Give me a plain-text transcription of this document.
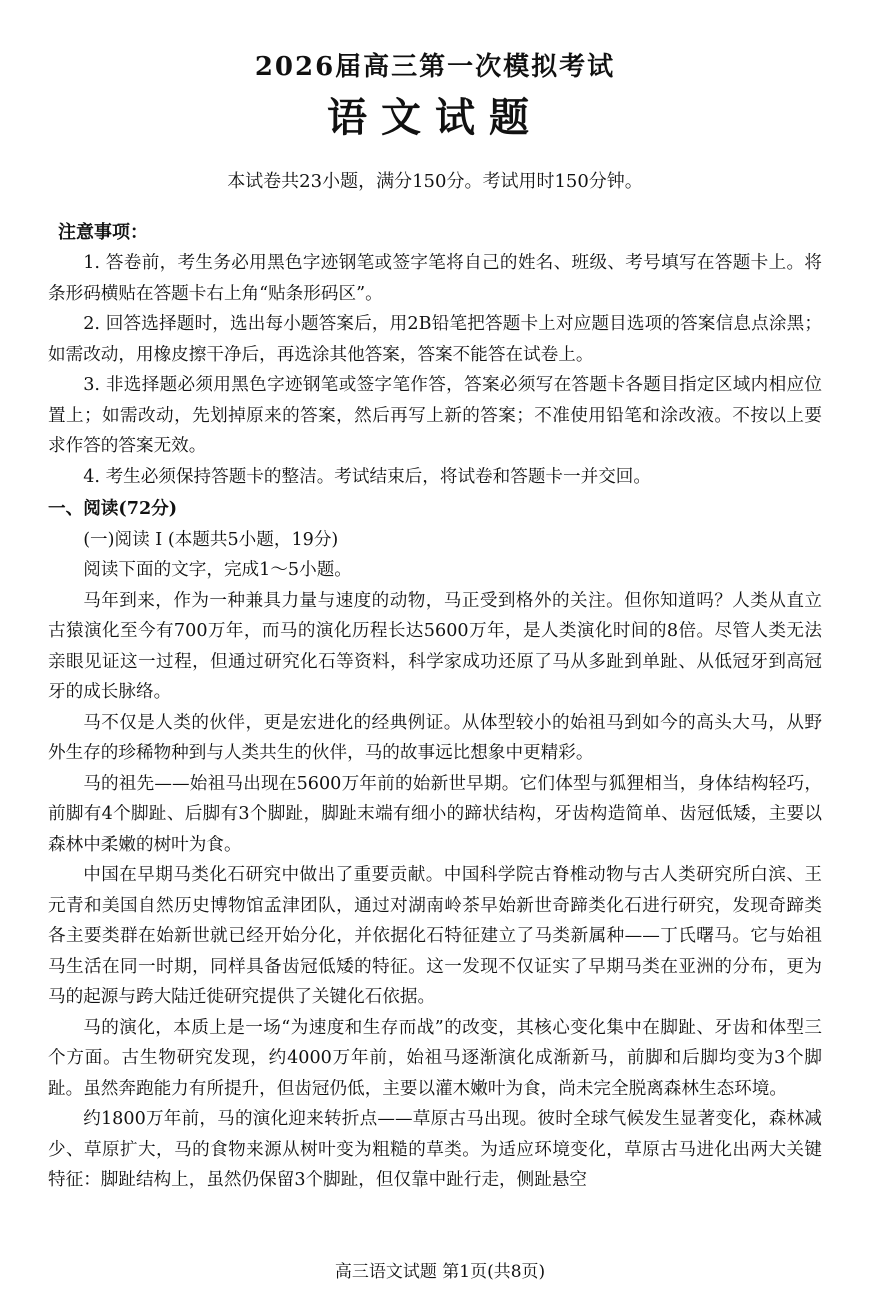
2026届高三第一次模拟考试
语文试题

本试卷共23小题，满分150分。考试用时150分钟。

注意事项：

1. 答卷前，考生务必用黑色字迹钢笔或签字笔将自己的姓名、班级、考号填写在答题卡上。将条形码横贴在答题卡右上角“贴条形码区”。

2. 回答选择题时，选出每小题答案后，用2B铅笔把答题卡上对应题目选项的答案信息点涂黑；如需改动，用橡皮擦干净后，再选涂其他答案，答案不能答在试卷上。

3. 非选择题必须用黑色字迹钢笔或签字笔作答，答案必须写在答题卡各题目指定区域内相应位置上；如需改动，先划掉原来的答案，然后再写上新的答案；不准使用铅笔和涂改液。不按以上要求作答的答案无效。

4. 考生必须保持答题卡的整洁。考试结束后，将试卷和答题卡一并交回。

一、阅读(72分)
(一)阅读 I (本题共5小题，19分)
阅读下面的文字，完成1～5小题。

马年到来，作为一种兼具力量与速度的动物，马正受到格外的关注。但你知道吗？人类从直立古猿演化至今有700万年，而马的演化历程长达5600万年，是人类演化时间的8倍。尽管人类无法亲眼见证这一过程，但通过研究化石等资料，科学家成功还原了马从多趾到单趾、从低冠牙到高冠牙的成长脉络。

马不仅是人类的伙伴，更是宏进化的经典例证。从体型较小的始祖马到如今的高头大马，从野外生存的珍稀物种到与人类共生的伙伴，马的故事远比想象中更精彩。

马的祖先——始祖马出现在5600万年前的始新世早期。它们体型与狐狸相当，身体结构轻巧，前脚有4个脚趾、后脚有3个脚趾，脚趾末端有细小的蹄状结构，牙齿构造简单、齿冠低矮，主要以森林中柔嫩的树叶为食。

中国在早期马类化石研究中做出了重要贡献。中国科学院古脊椎动物与古人类研究所白滨、王元青和美国自然历史博物馆孟津团队，通过对湖南岭茶早始新世奇蹄类化石进行研究，发现奇蹄类各主要类群在始新世就已经开始分化，并依据化石特征建立了马类新属种——丁氏曙马。它与始祖马生活在同一时期，同样具备齿冠低矮的特征。这一发现不仅证实了早期马类在亚洲的分布，更为马的起源与跨大陆迁徙研究提供了关键化石依据。

马的演化，本质上是一场“为速度和生存而战”的改变，其核心变化集中在脚趾、牙齿和体型三个方面。古生物研究发现，约4000万年前，始祖马逐渐演化成渐新马，前脚和后脚均变为3个脚趾。虽然奔跑能力有所提升，但齿冠仍低，主要以灌木嫩叶为食，尚未完全脱离森林生态环境。

约1800万年前，马的演化迎来转折点——草原古马出现。彼时全球气候发生显著变化，森林减少、草原扩大，马的食物来源从树叶变为粗糙的草类。为适应环境变化，草原古马进化出两大关键特征：脚趾结构上，虽然仍保留3个脚趾，但仅靠中趾行走，侧趾悬空

高三语文试题 第1页(共8页)
